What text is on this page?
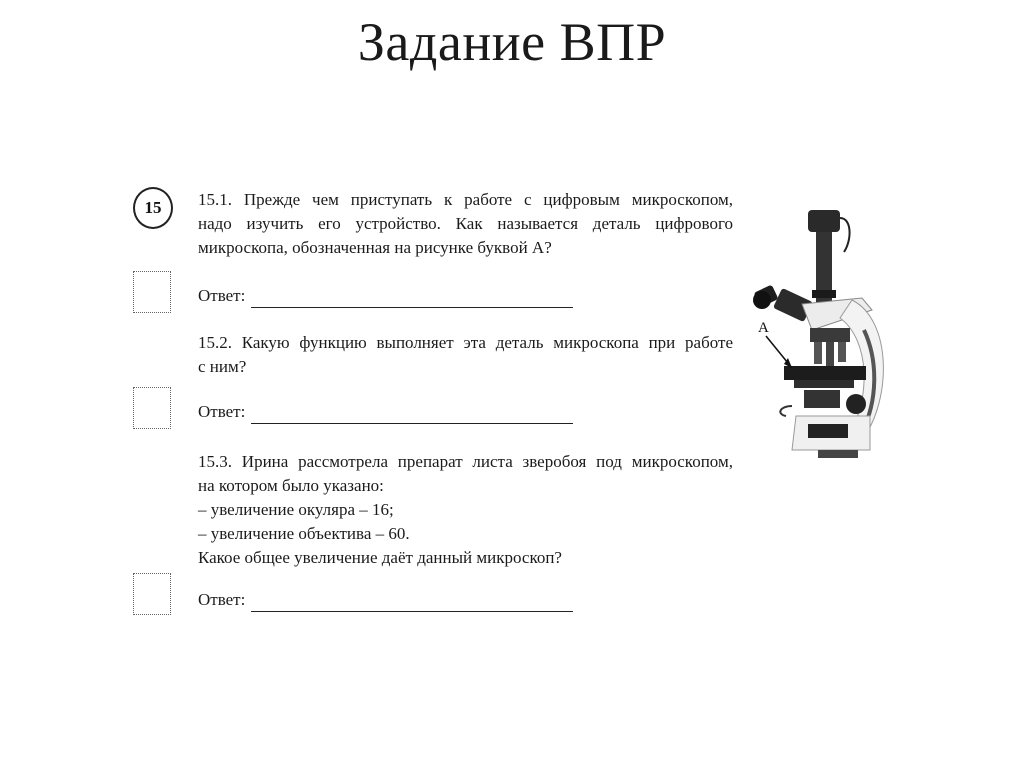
Задание ВПР
15	15.1. Прежде чем приступать к работе с цифровым микроскопом,
надо изучить его устройство. Как называется деталь цифрового
микроскопа, обозначенная на рисунке буквой А?
Ответ:
15.2. Какую функцию выполняет эта деталь микроскопа при работе
с ним?
Ответ:
15.3. Ирина рассмотрела препарат листа зверобоя под микроскопом,
на котором было указано:
– увеличение окуляра – 16;
– увеличение объектива – 60.
Какое общее увеличение даёт данный микроскоп?
Ответ:
А
